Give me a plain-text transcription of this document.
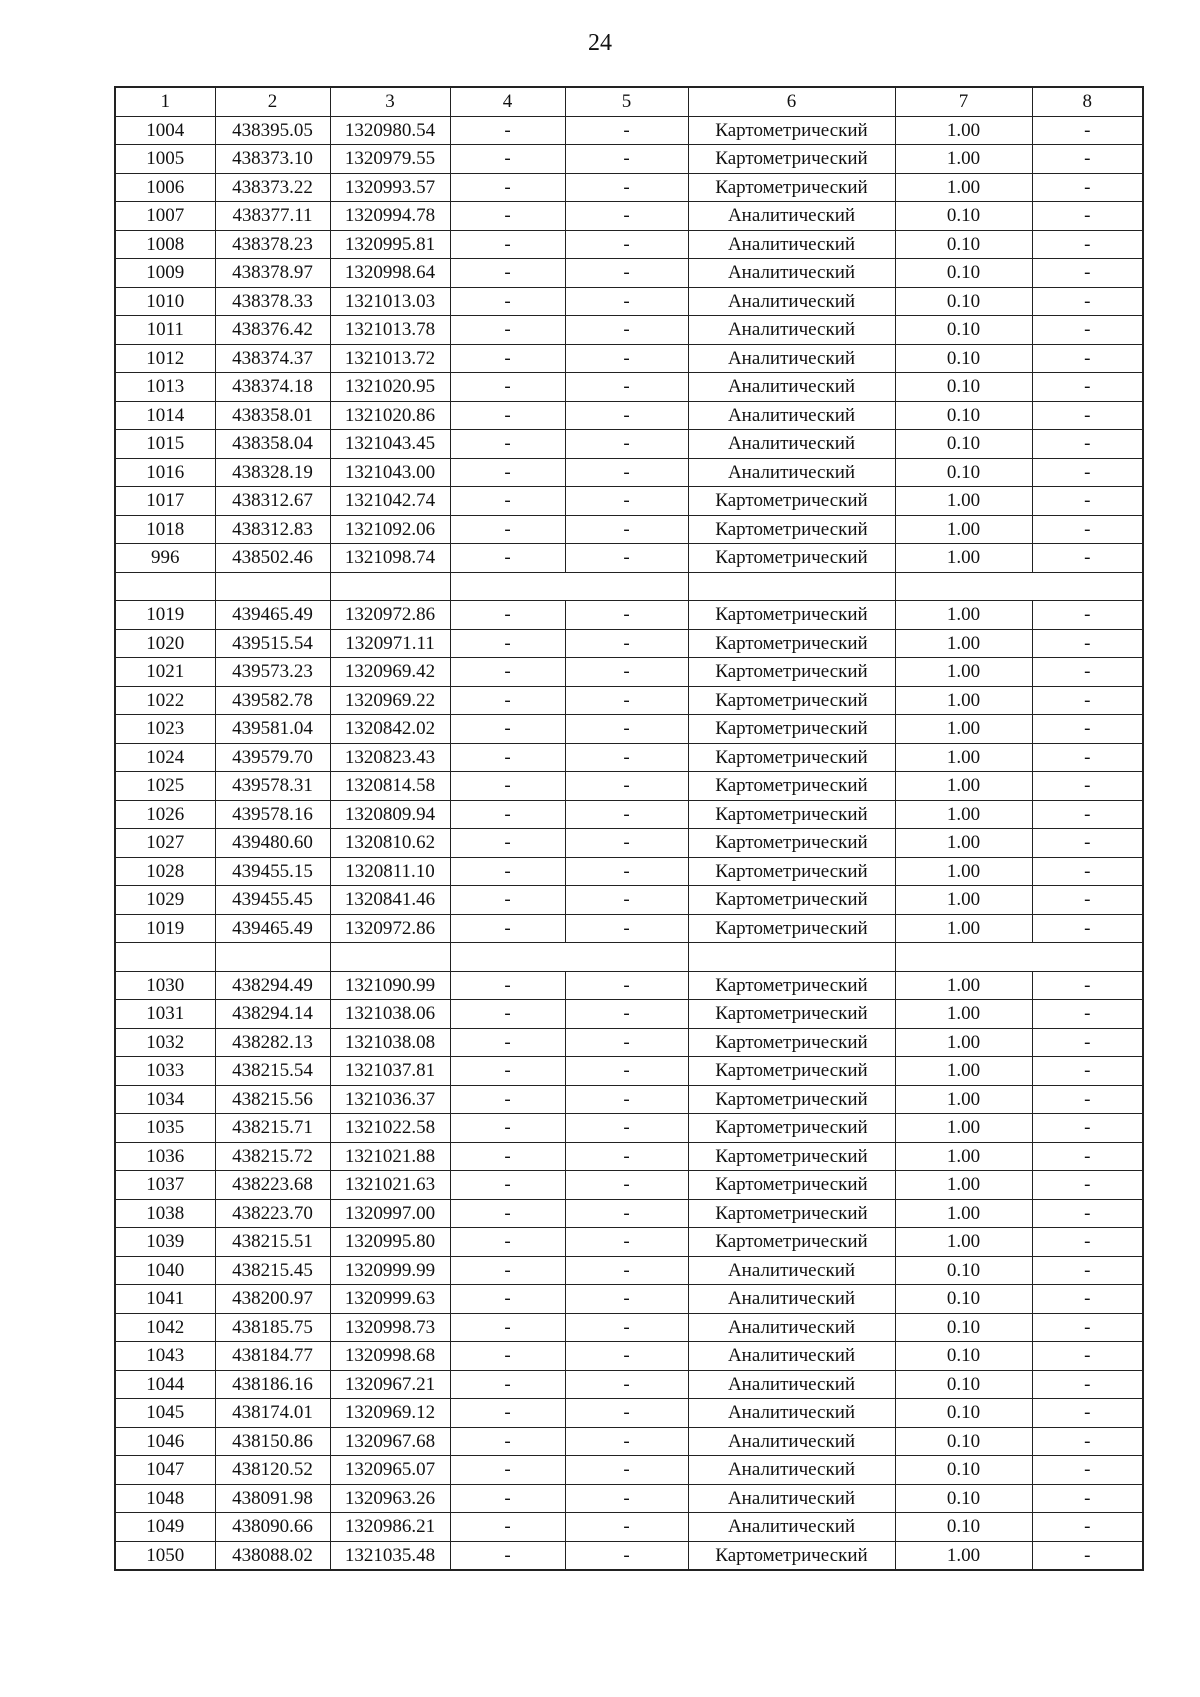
24
1	2	3	4	5	6	7	8
1004	438395.05	1320980.54	-	-	Картометрический	1.00	-
1005	438373.10	1320979.55	-	-	Картометрический	1.00	-
1006	438373.22	1320993.57	-	-	Картометрический	1.00	-
1007	438377.11	1320994.78	-	-	Аналитический	0.10	-
1008	438378.23	1320995.81	-	-	Аналитический	0.10	-
1009	438378.97	1320998.64	-	-	Аналитический	0.10	-
1010	438378.33	1321013.03	-	-	Аналитический	0.10	-
1011	438376.42	1321013.78	-	-	Аналитический	0.10	-
1012	438374.37	1321013.72	-	-	Аналитический	0.10	-
1013	438374.18	1321020.95	-	-	Аналитический	0.10	-
1014	438358.01	1321020.86	-	-	Аналитический	0.10	-
1015	438358.04	1321043.45	-	-	Аналитический	0.10	-
1016	438328.19	1321043.00	-	-	Аналитический	0.10	-
1017	438312.67	1321042.74	-	-	Картометрический	1.00	-
1018	438312.83	1321092.06	-	-	Картометрический	1.00	-
996	438502.46	1321098.74	-	-	Картометрический	1.00	-

1019	439465.49	1320972.86	-	-	Картометрический	1.00	-
1020	439515.54	1320971.11	-	-	Картометрический	1.00	-
1021	439573.23	1320969.42	-	-	Картометрический	1.00	-
1022	439582.78	1320969.22	-	-	Картометрический	1.00	-
1023	439581.04	1320842.02	-	-	Картометрический	1.00	-
1024	439579.70	1320823.43	-	-	Картометрический	1.00	-
1025	439578.31	1320814.58	-	-	Картометрический	1.00	-
1026	439578.16	1320809.94	-	-	Картометрический	1.00	-
1027	439480.60	1320810.62	-	-	Картометрический	1.00	-
1028	439455.15	1320811.10	-	-	Картометрический	1.00	-
1029	439455.45	1320841.46	-	-	Картометрический	1.00	-
1019	439465.49	1320972.86	-	-	Картометрический	1.00	-

1030	438294.49	1321090.99	-	-	Картометрический	1.00	-
1031	438294.14	1321038.06	-	-	Картометрический	1.00	-
1032	438282.13	1321038.08	-	-	Картометрический	1.00	-
1033	438215.54	1321037.81	-	-	Картометрический	1.00	-
1034	438215.56	1321036.37	-	-	Картометрический	1.00	-
1035	438215.71	1321022.58	-	-	Картометрический	1.00	-
1036	438215.72	1321021.88	-	-	Картометрический	1.00	-
1037	438223.68	1321021.63	-	-	Картометрический	1.00	-
1038	438223.70	1320997.00	-	-	Картометрический	1.00	-
1039	438215.51	1320995.80	-	-	Картометрический	1.00	-
1040	438215.45	1320999.99	-	-	Аналитический	0.10	-
1041	438200.97	1320999.63	-	-	Аналитический	0.10	-
1042	438185.75	1320998.73	-	-	Аналитический	0.10	-
1043	438184.77	1320998.68	-	-	Аналитический	0.10	-
1044	438186.16	1320967.21	-	-	Аналитический	0.10	-
1045	438174.01	1320969.12	-	-	Аналитический	0.10	-
1046	438150.86	1320967.68	-	-	Аналитический	0.10	-
1047	438120.52	1320965.07	-	-	Аналитический	0.10	-
1048	438091.98	1320963.26	-	-	Аналитический	0.10	-
1049	438090.66	1320986.21	-	-	Аналитический	0.10	-
1050	438088.02	1321035.48	-	-	Картометрический	1.00	-
